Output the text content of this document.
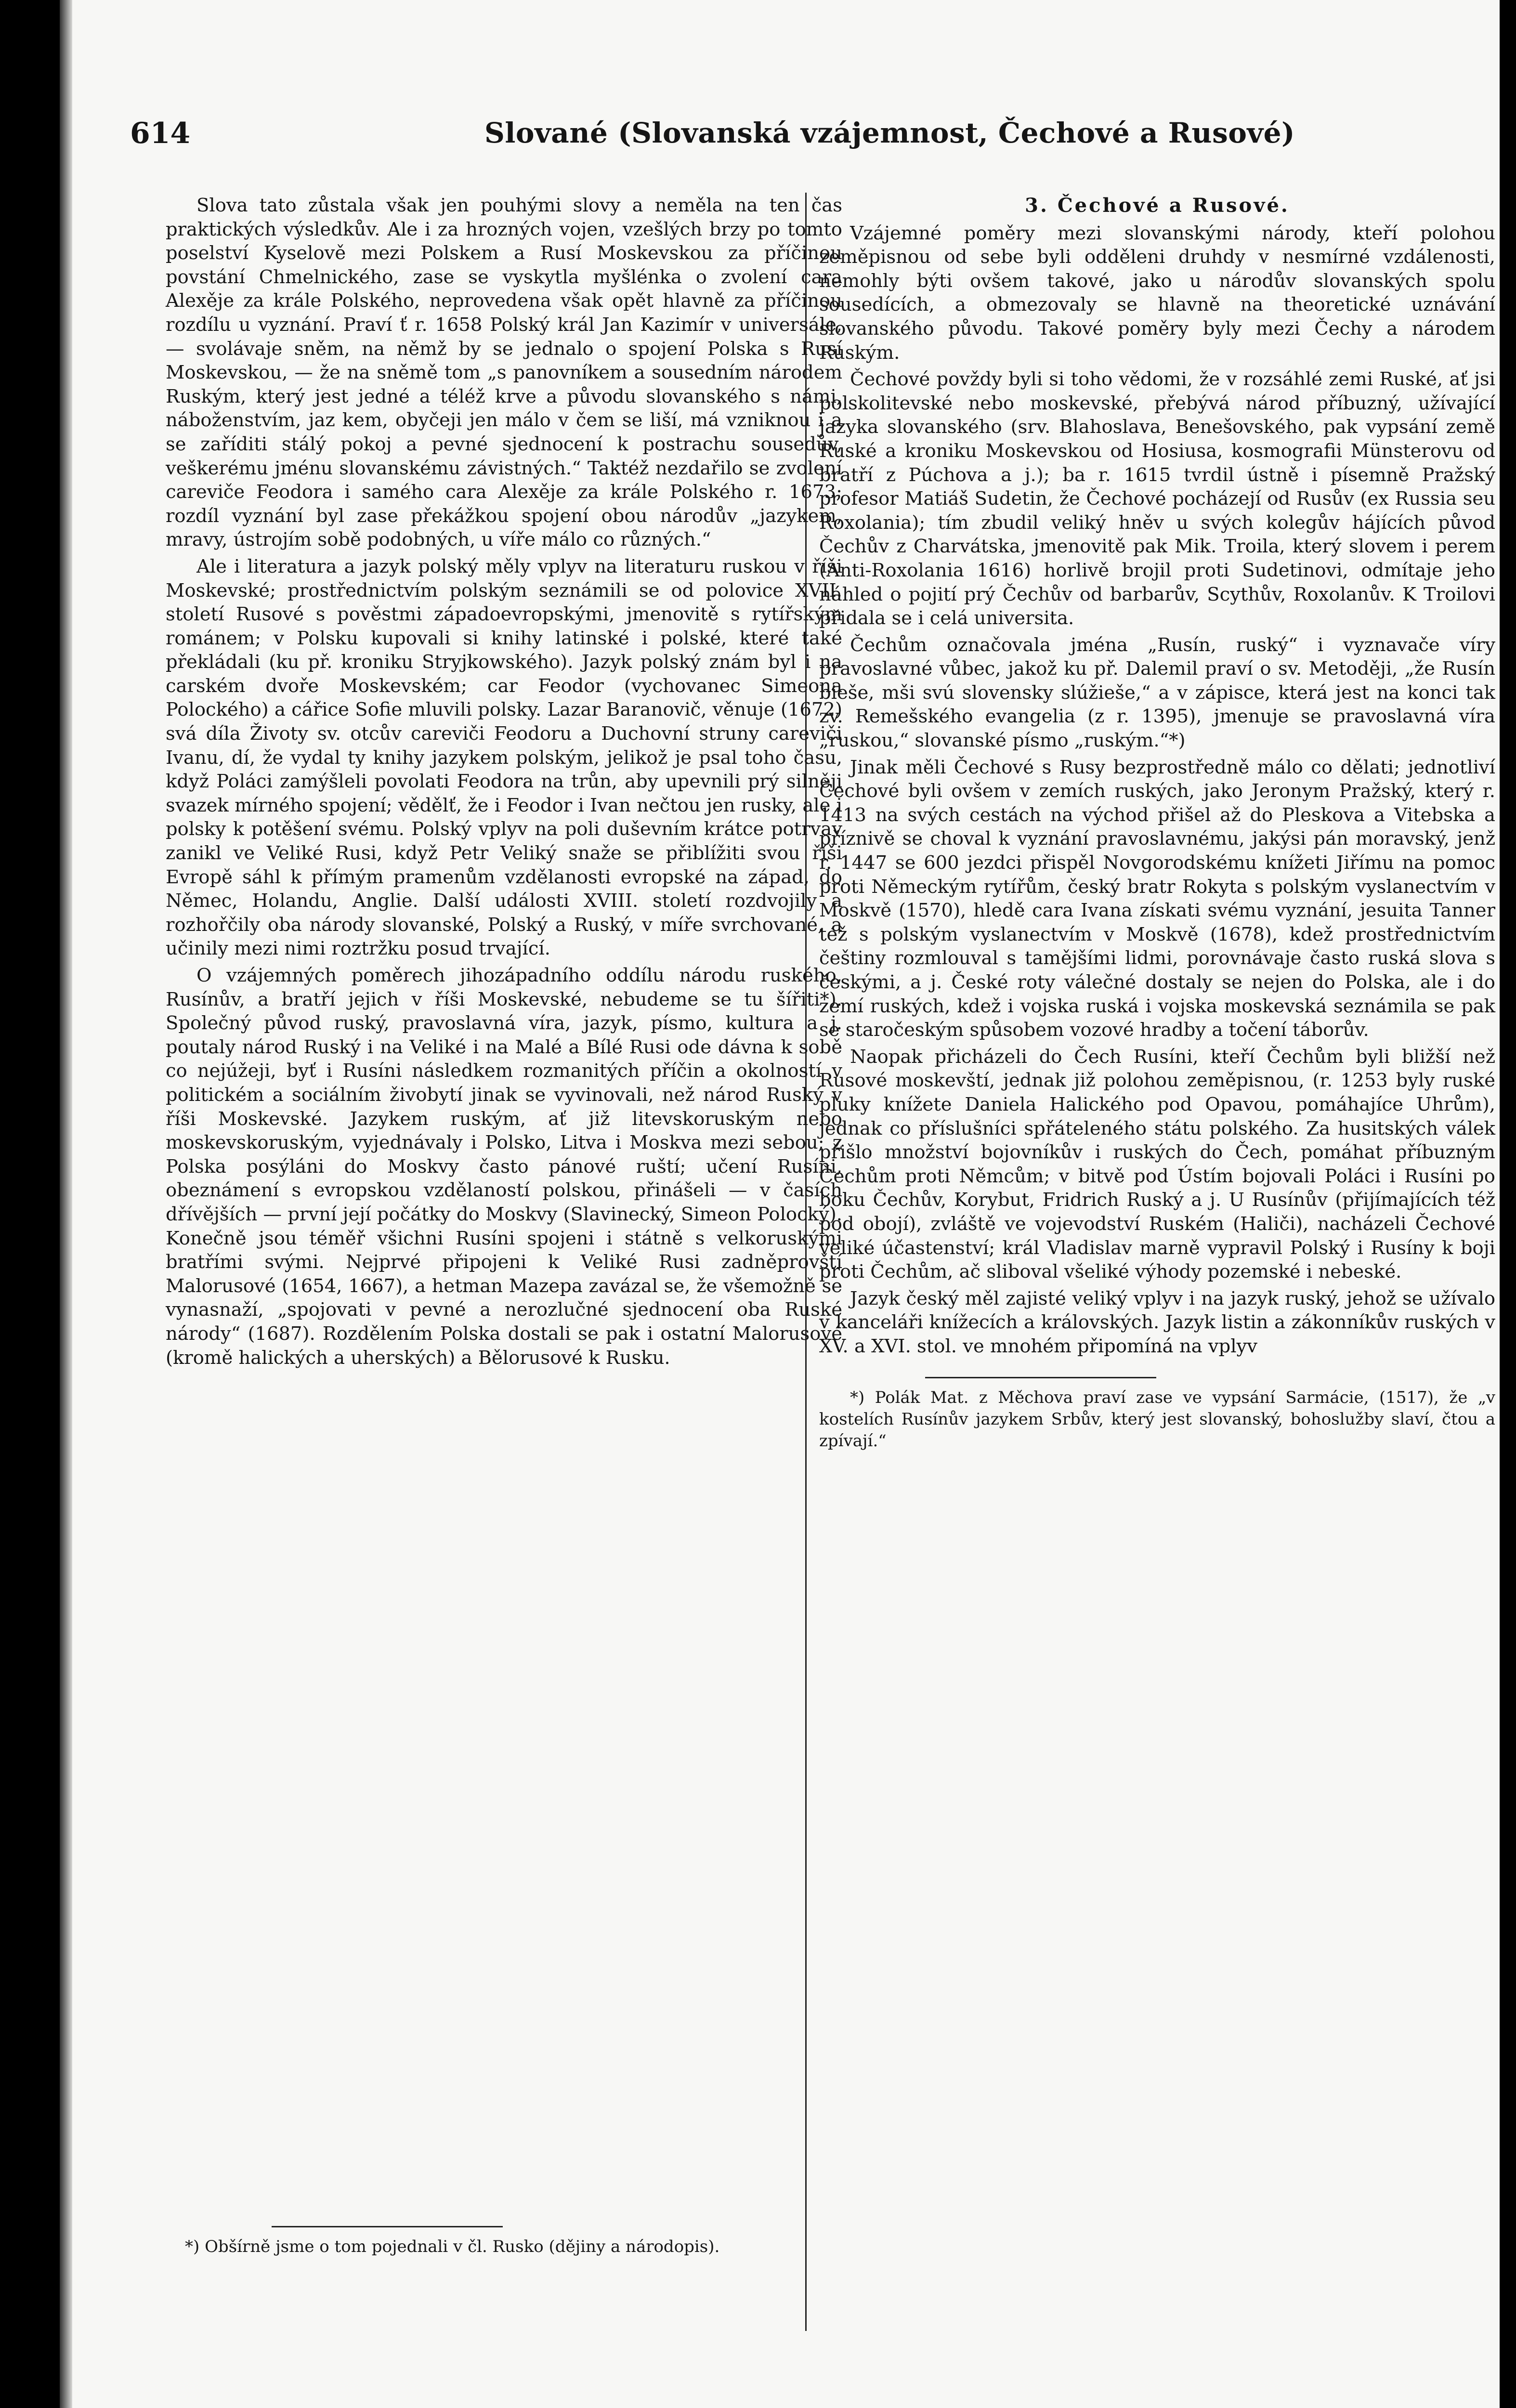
614	Slované (Slovanská vzájemnost, Čechové a Rusové)

Slova tato zůstala však jen pouhými slovy a neměla na ten čas praktických výsledkův. Ale i za hrozných vojen, vzešlých brzy po tomto poselství Kyselově mezi Polskem a Rusí Moskevskou za příčinou povstání Chmelnického, zase se vyskytla myšlénka o zvolení cara Alexěje za krále Polského, neprovedena však opět hlavně za příčinou rozdílu u vyznání. Praví ť r. 1658 Polský král Jan Kazimír v universále, — svolávaje sněm, na němž by se jednalo o spojení Polska s Rusí Moskevskou, — že na sněmě tom „s panovníkem a sousedním národem Ruským, který jest jedné a téléž krve a původu slovanského s námi, náboženstvím, jaz kem, obyčeji jen málo v čem se liší, má vzniknou i a se zaříditi stálý pokoj a pevné sjednocení k postrachu sousedův, veškerému jménu slovanskému závistných.“ Taktéž nezdařilo se zvolení careviče Feodora i samého cara Alexěje za krále Polského r. 1673; rozdíl vyznání byl zase překážkou spojení obou národův „jazykem, mravy, ústrojím sobě podobných, u víře málo co různých.“

Ale i literatura a jazyk polský měly vplyv na literaturu ruskou v říši Moskevské; prostřednictvím polským seznámili se od polovice XVII. století Rusové s pověstmi západoevropskými, jmenovitě s rytířským románem; v Polsku kupovali si knihy latinské i polské, které také překládali (ku př. kroniku Stryjkowského). Jazyk polský znám byl i na carském dvoře Moskevském; car Feodor (vychovanec Simeona Polockého) a cářice Sofie mluvili polsky. Lazar Baranovič, věnuje (1672) svá díla Životy sv. otcův careviči Feodoru a Duchovní struny careviči Ivanu, dí, že vydal ty knihy jazykem polským, jelikož je psal toho času, když Poláci zamýšleli povolati Feodora na trůn, aby upevnili prý silněji svazek mírného spojení; vědělť, že i Feodor i Ivan nečtou jen rusky, ale i polsky k potěšení svému. Polský vplyv na poli duševním krátce potrvav zanikl ve Veliké Rusi, když Petr Veliký snaže se přiblížiti svou říši Evropě sáhl k přímým pramenům vzdělanosti evropské na západ, do Němec, Holandu, Anglie. Další události XVIII. století rozdvojily a rozhořčily oba národy slovanské, Polský a Ruský, v míře svrchované, a učinily mezi nimi roztržku posud trvající.

O vzájemných poměrech jihozápadního oddílu národu ruského, Rusínův, a bratří jejich v říši Moskevské, nebudeme se tu šířiti*). Společný původ ruský, pravoslavná víra, jazyk, písmo, kultura a j. poutaly národ Ruský i na Veliké i na Malé a Bílé Rusi ode dávna k sobě co nejúžeji, byť i Rusíni následkem rozmanitých příčin a okolností v politickém a sociálním živobytí jinak se vyvinovali, než národ Ruský v říši Moskevské. Jazykem ruským, ať již litevskoruským nebo moskevskoruským, vyjednávaly i Polsko, Litva i Moskva mezi sebou; z Polska posýláni do Moskvy často pánové ruští; učení Rusíni, obeznámení s evropskou vzdělaností polskou, přinášeli — v časích dřívějších — první její počátky do Moskvy (Slavinecký, Simeon Polocký). Konečně jsou téměř všichni Rusíni spojeni i státně s velkoruskými bratřími svými. Nejprvé připojeni k Veliké Rusi zadněprovští Malorusové (1654, 1667), a hetman Mazepa zavázal se, že všemožně se vynasnaží, „spojovati v pevné a nerozlučné sjednocení oba Ruské národy“ (1687). Rozdělením Polska dostali se pak i ostatní Malorusové (kromě halických a uherských) a Bělorusové k Rusku.

*) Obšírně jsme o tom pojednali v čl. Rusko (dějiny a národopis).

3. Čechové a Rusové.

Vzájemné poměry mezi slovanskými národy, kteří polohou zeměpisnou od sebe byli odděleni druhdy v nesmírné vzdálenosti, nemohly býti ovšem takové, jako u národův slovanských spolu sousedících, a obmezovaly se hlavně na theoretické uznávání slovanského původu. Takové poměry byly mezi Čechy a národem Ruským.

Čechové povždy byli si toho vědomi, že v rozsáhlé zemi Ruské, ať jsi polskolitevské nebo moskevské, přebývá národ příbuzný, užívající jazyka slovanského (srv. Blahoslava, Benešovského, pak vypsání země Ruské a kroniku Moskevskou od Hosiusa, kosmografii Münsterovu od bratří z Púchova a j.); ba r. 1615 tvrdil ústně i písemně Pražský profesor Matiáš Sudetin, že Čechové pocházejí od Rusův (ex Russia seu Roxolania); tím zbudil veliký hněv u svých kolegův hájících původ Čechův z Charvátska, jmenovitě pak Mik. Troila, který slovem i perem (Anti-Roxolania 1616) horlivě brojil proti Sudetinovi, odmítaje jeho náhled o pojití prý Čechův od barbarův, Scythův, Roxolanův. K Troilovi přidala se i celá universita.

Čechům označovala jména „Rusín, ruský“ i vyznavače víry pravoslavné vůbec, jakož ku př. Dalemil praví o sv. Metoději, „že Rusín bieše, mši svú slovensky slúžieše,“ a v zápisce, která jest na konci tak zv. Remešského evangelia (z r. 1395), jmenuje se pravoslavná víra „ruskou,“ slovanské písmo „ruským.“*)

Jinak měli Čechové s Rusy bezprostředně málo co dělati; jednotliví Čechové byli ovšem v zemích ruských, jako Jeronym Pražský, který r. 1413 na svých cestách na východ přišel až do Pleskova a Vitebska a příznivě se choval k vyznání pravoslavnému, jakýsi pán moravský, jenž r. 1447 se 600 jezdci přispěl Novgorodskému knížeti Jiřímu na pomoc proti Německým rytířům, český bratr Rokyta s polským vyslanectvím v Moskvě (1570), hledě cara Ivana získati svému vyznání, jesuita Tanner též s polským vyslanectvím v Moskvě (1678), kdež prostřednictvím češtiny rozmlouval s tamějšími lidmi, porovnávaje často ruská slova s českými, a j. České roty válečné dostaly se nejen do Polska, ale i do zemí ruských, kdež i vojska ruská i vojska moskevská seznámila se pak se staročeským spůsobem vozové hradby a točení táborův.

Naopak přicházeli do Čech Rusíni, kteří Čechům byli bližší než Rusové moskevští, jednak již polohou zeměpisnou, (r. 1253 byly ruské pluky knížete Daniela Halického pod Opavou, pomáhajíce Uhrům), jednak co příslušníci spřáteleného státu polského. Za husitských válek přišlo množství bojovníkův i ruských do Čech, pomáhat příbuzným Čechům proti Němcům; v bitvě pod Ústím bojovali Poláci i Rusíni po boku Čechův, Korybut, Fridrich Ruský a j. U Rusínův (přijímajících též pod obojí), zvláště ve vojevodství Ruském (Haliči), nacházeli Čechové veliké účastenství; král Vladislav marně vypravil Polský i Rusíny k boji proti Čechům, ač sliboval všeliké výhody pozemské i nebeské.

Jazyk český měl zajisté veliký vplyv i na jazyk ruský, jehož se užívalo v kanceláři knížecích a královských. Jazyk listin a zákonníkův ruských v XV. a XVI. stol. ve mnohém připomíná na vplyv

*) Polák Mat. z Měchova praví zase ve vypsání Sarmácie, (1517), že „v kostelích Rusínův jazykem Srbův, který jest slovanský, bohoslužby slaví, čtou a zpívají.“
